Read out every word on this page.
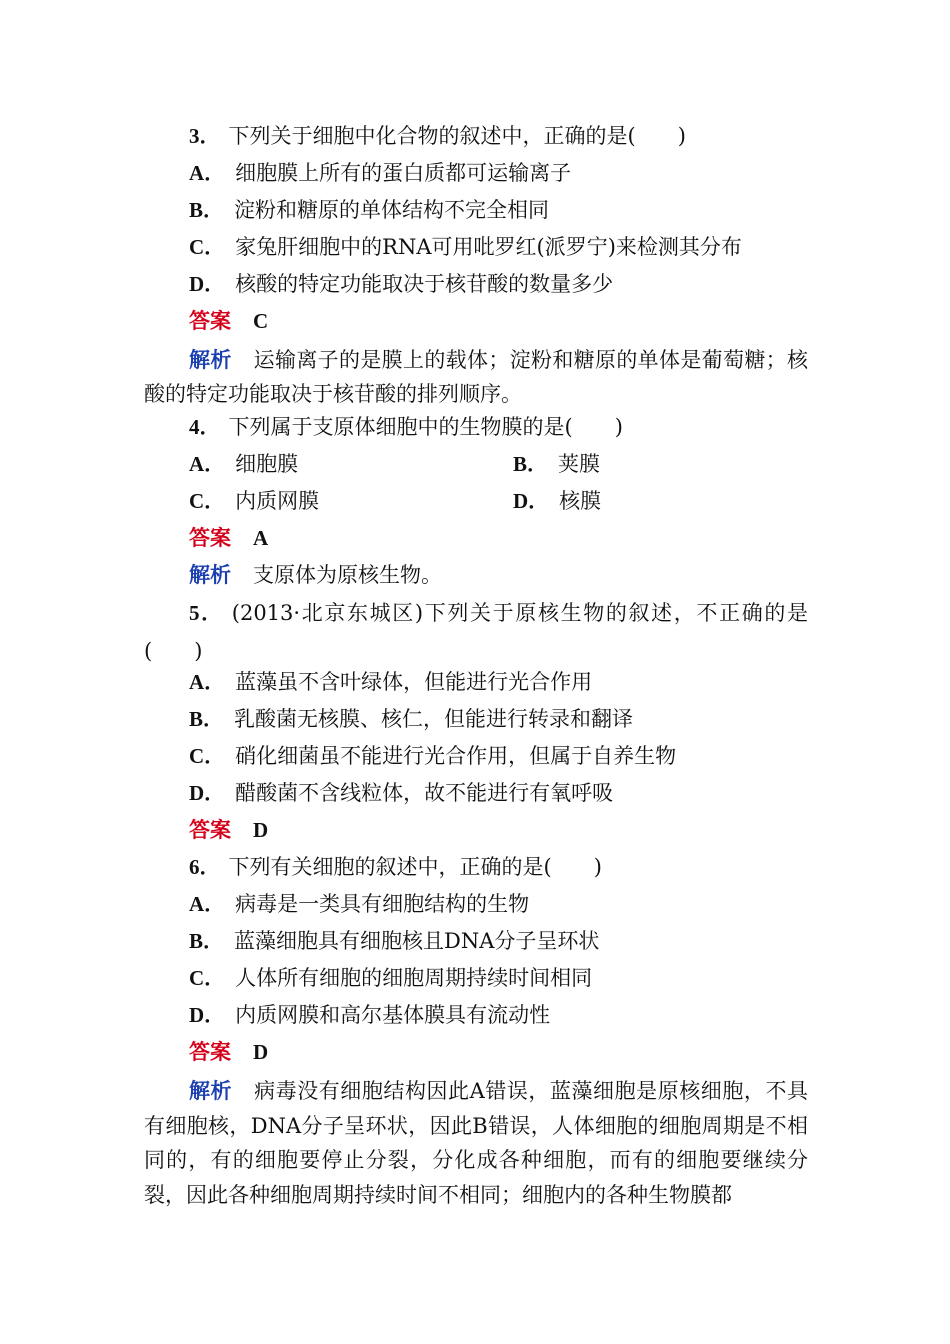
3． 下列关于细胞中化合物的叙述中，正确的是(　　)
A． 细胞膜上所有的蛋白质都可运输离子
B． 淀粉和糖原的单体结构不完全相同
C． 家兔肝细胞中的RNA可用吡罗红(派罗宁)来检测其分布
D． 核酸的特定功能取决于核苷酸的数量多少
答案 C
解析 运输离子的是膜上的载体；淀粉和糖原的单体是葡萄糖；核酸的特定功能取决于核苷酸的排列顺序。
4． 下列属于支原体细胞中的生物膜的是(　　)
A． 细胞膜	B． 荚膜
C． 内质网膜	D． 核膜
答案 A
解析 支原体为原核生物。
5． (2013·北京东城区)下列关于原核生物的叙述，不正确的是(　　)
A． 蓝藻虽不含叶绿体，但能进行光合作用
B． 乳酸菌无核膜、核仁，但能进行转录和翻译
C． 硝化细菌虽不能进行光合作用，但属于自养生物
D． 醋酸菌不含线粒体，故不能进行有氧呼吸
答案 D
6． 下列有关细胞的叙述中，正确的是(　　)
A． 病毒是一类具有细胞结构的生物
B． 蓝藻细胞具有细胞核且DNA分子呈环状
C． 人体所有细胞的细胞周期持续时间相同
D． 内质网膜和高尔基体膜具有流动性
答案 D
解析 病毒没有细胞结构因此A错误，蓝藻细胞是原核细胞，不具有细胞核，DNA分子呈环状，因此B错误，人体细胞的细胞周期是不相同的，有的细胞要停止分裂，分化成各种细胞，而有的细胞要继续分裂，因此各种细胞周期持续时间不相同；细胞内的各种生物膜都
